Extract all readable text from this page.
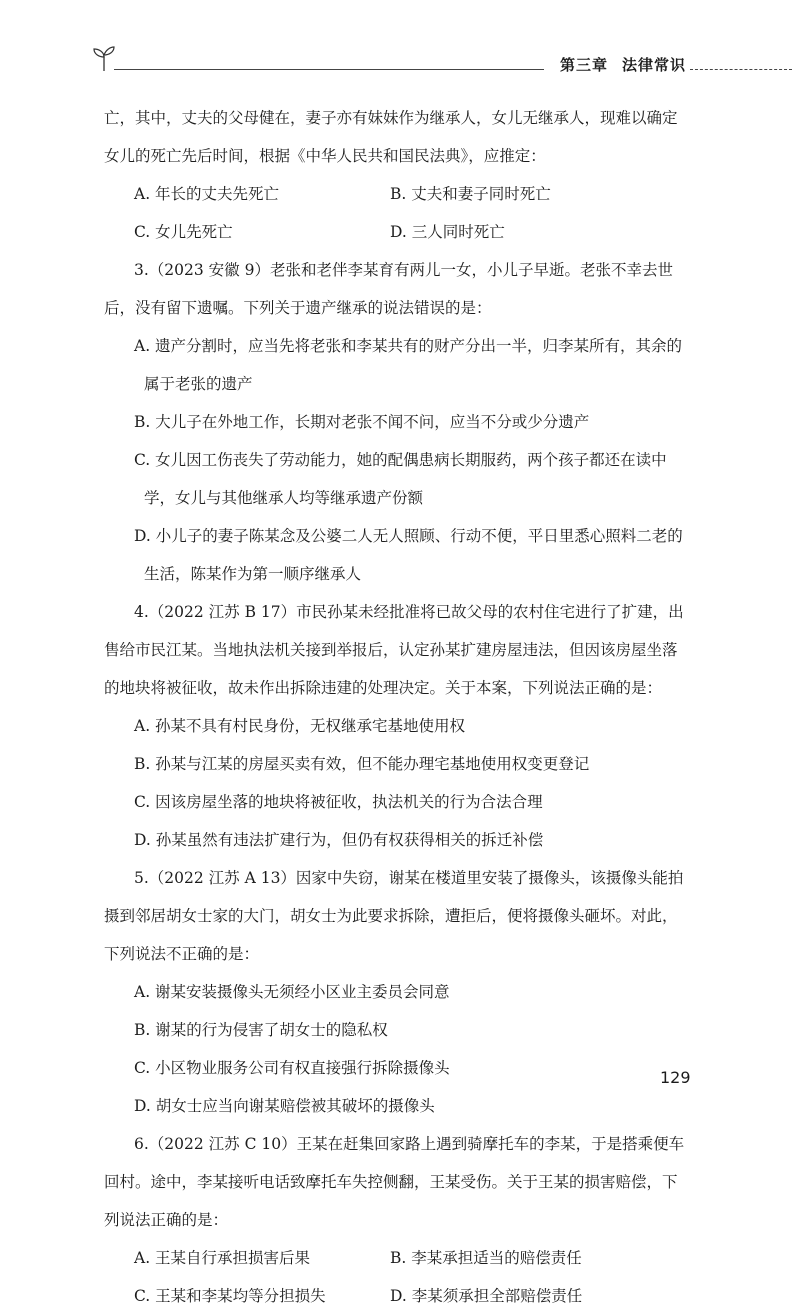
第三章 法律常识
亡，其中，丈夫的父母健在，妻子亦有妹妹作为继承人，女儿无继承人，现难以确定
女儿的死亡先后时间，根据《中华人民共和国民法典》，应推定：
A. 年长的丈夫先死亡	B. 丈夫和妻子同时死亡
C. 女儿先死亡	D. 三人同时死亡
3.（2023 安徽 9）老张和老伴李某育有两儿一女，小儿子早逝。老张不幸去世
后，没有留下遗嘱。下列关于遗产继承的说法错误的是：
A. 遗产分割时，应当先将老张和李某共有的财产分出一半，归李某所有，其余的
属于老张的遗产
B. 大儿子在外地工作，长期对老张不闻不问，应当不分或少分遗产
C. 女儿因工伤丧失了劳动能力，她的配偶患病长期服药，两个孩子都还在读中
学，女儿与其他继承人均等继承遗产份额
D. 小儿子的妻子陈某念及公婆二人无人照顾、行动不便，平日里悉心照料二老的
生活，陈某作为第一顺序继承人
4.（2022 江苏 B 17）市民孙某未经批准将已故父母的农村住宅进行了扩建，出
售给市民江某。当地执法机关接到举报后，认定孙某扩建房屋违法，但因该房屋坐落
的地块将被征收，故未作出拆除违建的处理决定。关于本案，下列说法正确的是：
A. 孙某不具有村民身份，无权继承宅基地使用权
B. 孙某与江某的房屋买卖有效，但不能办理宅基地使用权变更登记
C. 因该房屋坐落的地块将被征收，执法机关的行为合法合理
D. 孙某虽然有违法扩建行为，但仍有权获得相关的拆迁补偿
5.（2022 江苏 A 13）因家中失窃，谢某在楼道里安装了摄像头，该摄像头能拍
摄到邻居胡女士家的大门，胡女士为此要求拆除，遭拒后，便将摄像头砸坏。对此，
下列说法不正确的是：
A. 谢某安装摄像头无须经小区业主委员会同意
B. 谢某的行为侵害了胡女士的隐私权
C. 小区物业服务公司有权直接强行拆除摄像头
D. 胡女士应当向谢某赔偿被其破坏的摄像头
6.（2022 江苏 C 10）王某在赶集回家路上遇到骑摩托车的李某，于是搭乘便车
回村。途中，李某接听电话致摩托车失控侧翻，王某受伤。关于王某的损害赔偿，下
列说法正确的是：
A. 王某自行承担损害后果	B. 李某承担适当的赔偿责任
C. 王某和李某均等分担损失	D. 李某须承担全部赔偿责任
129
